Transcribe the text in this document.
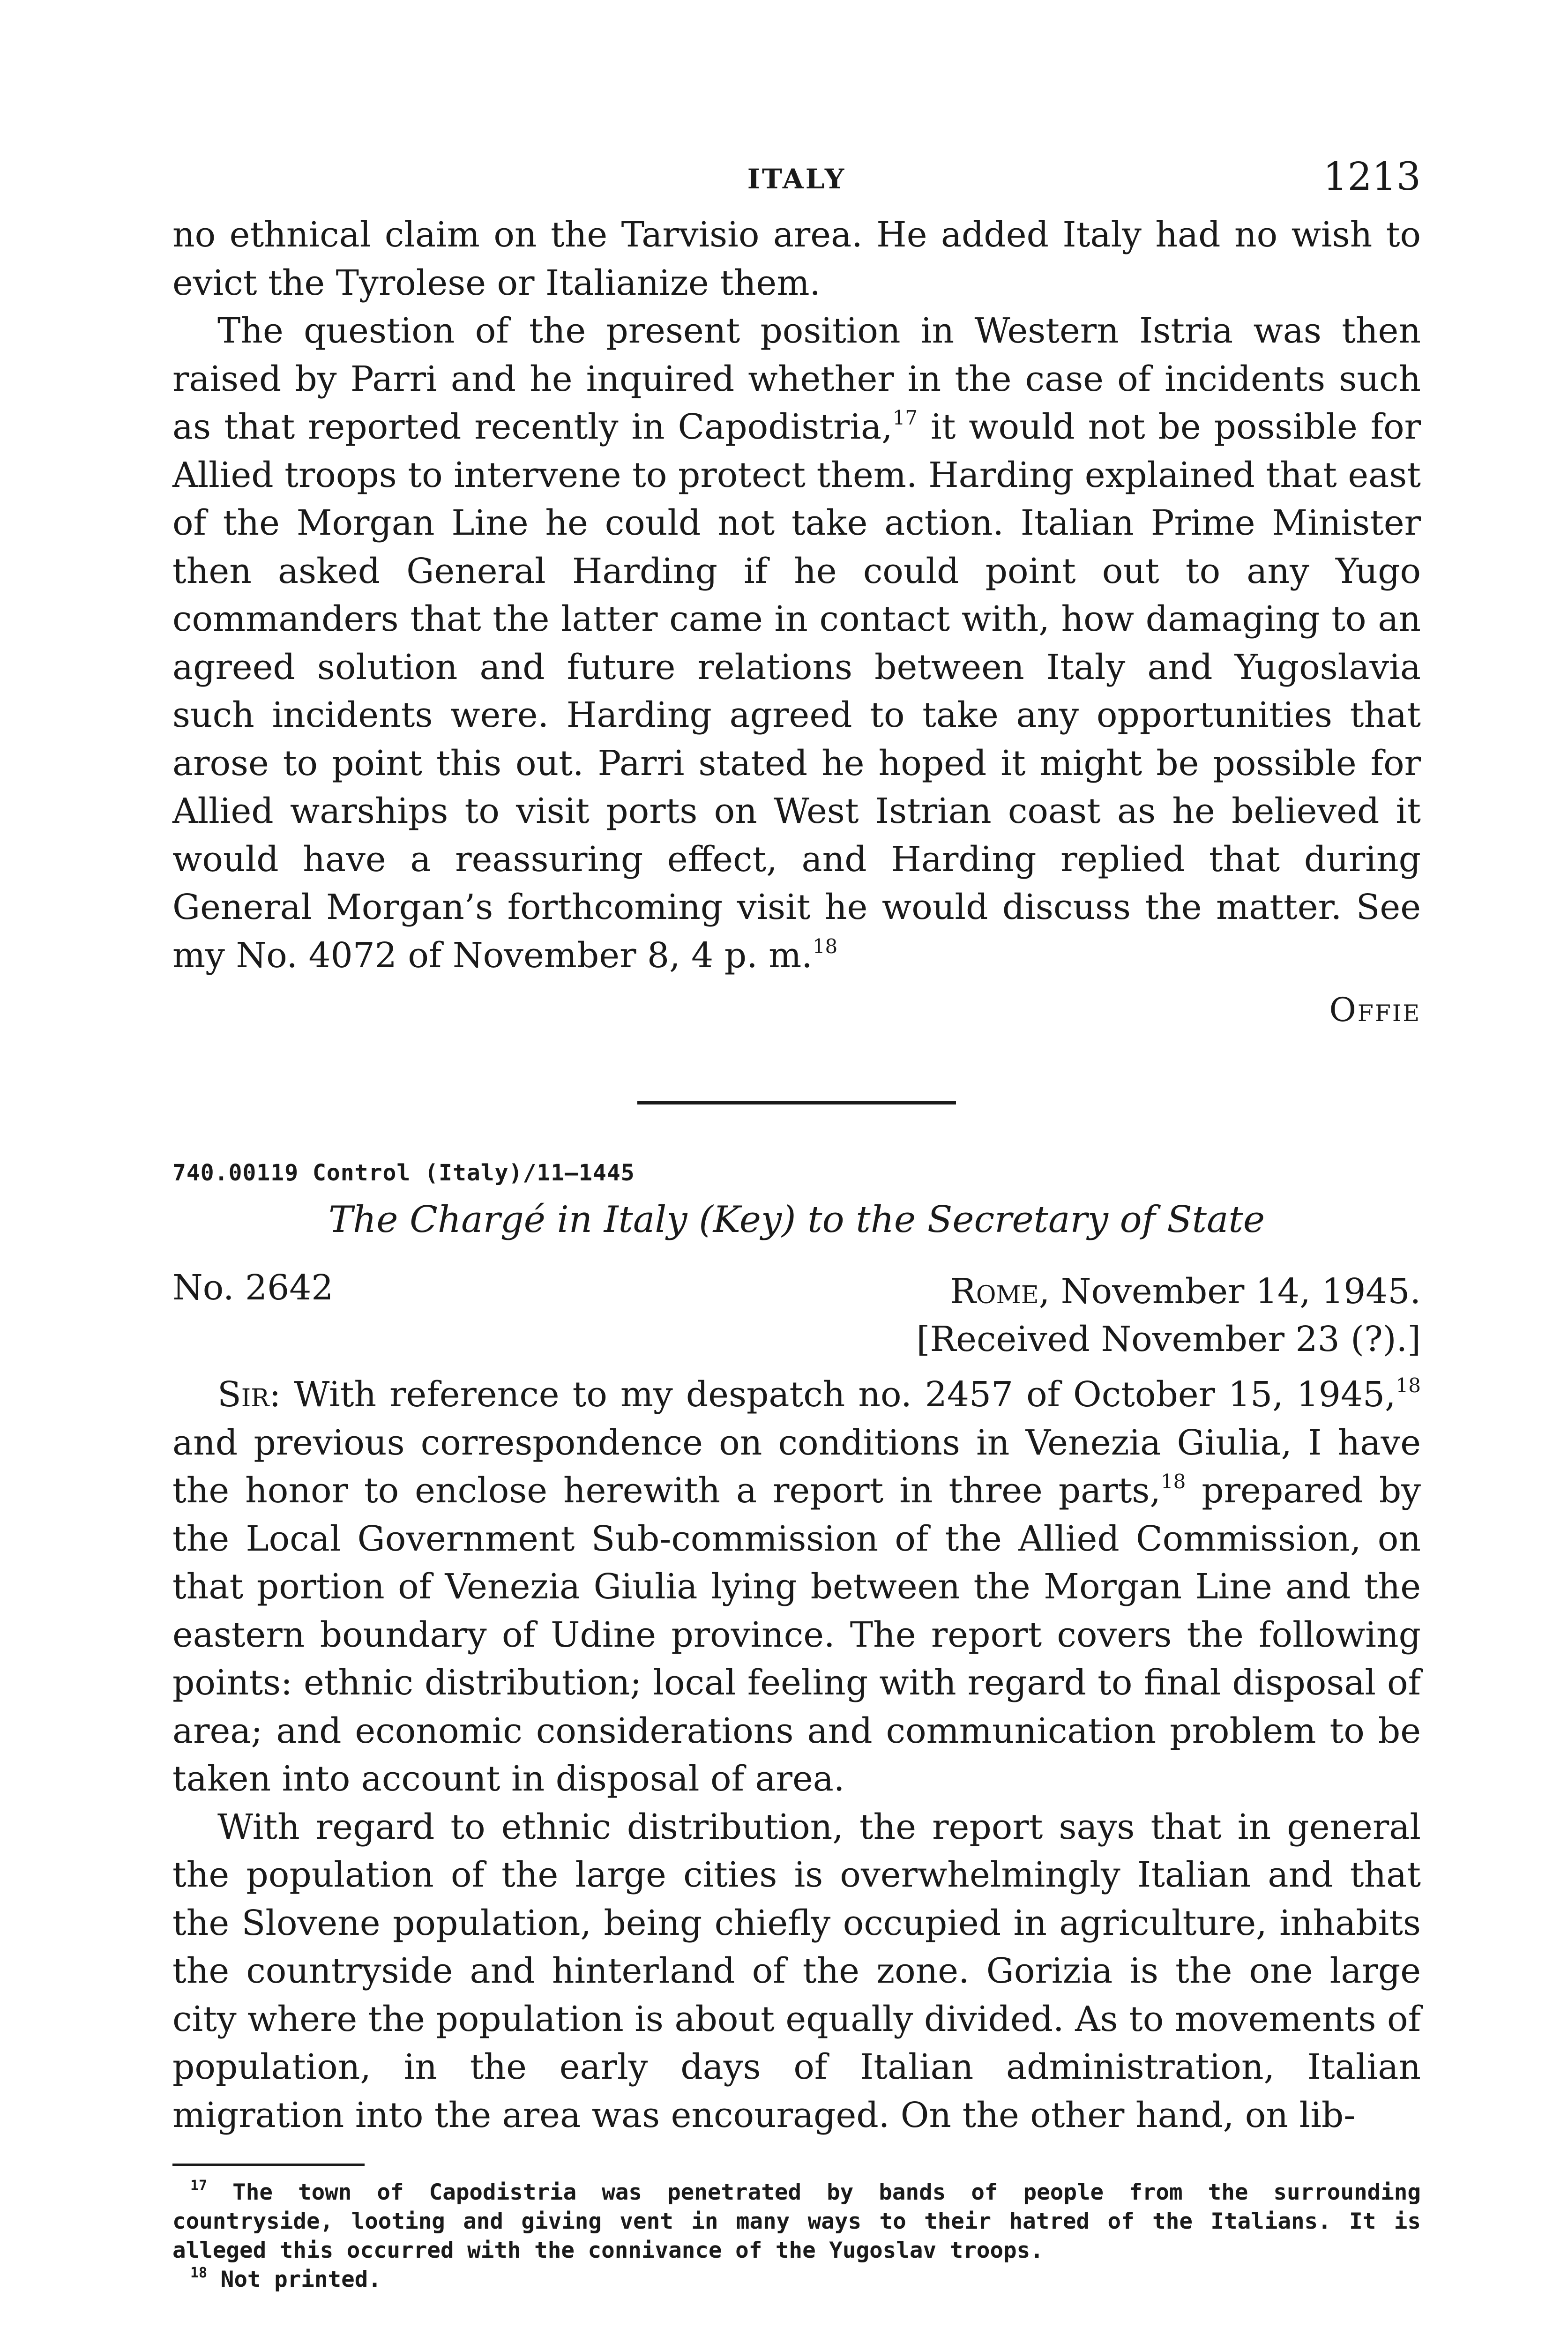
ITALY	1213

no ethnical claim on the Tarvisio area. He added Italy had no wish to evict the Tyrolese or Italianize them.

The question of the present position in Western Istria was then raised by Parri and he inquired whether in the case of incidents such as that reported recently in Capodistria,$^{17}$ it would not be possible for Allied troops to intervene to protect them. Harding explained that east of the Morgan Line he could not take action. Italian Prime Minister then asked General Harding if he could point out to any Yugo commanders that the latter came in contact with, how damaging to an agreed solution and future relations between Italy and Yugoslavia such incidents were. Harding agreed to take any opportunities that arose to point this out. Parri stated he hoped it might be possible for Allied warships to visit ports on West Istrian coast as he believed it would have a reassuring effect, and Harding replied that during General Morgan’s forthcoming visit he would discuss the matter. See my No. 4072 of November 8, 4 p. m.$^{18}$

Offie
740.00119 Control (Italy)/11–1445
The Chargé in Italy (Key) to the Secretary of State
No. 2642	Rome, November 14, 1945.
[Received November 23 (?).]

Sir: With reference to my despatch no. 2457 of October 15, 1945,18 and previous correspondence on conditions in Venezia Giulia, I have the honor to enclose herewith a report in three parts,$^{18}$ prepared by the Local Government Sub-commission of the Allied Commission, on that portion of Venezia Giulia lying between the Morgan Line and the eastern boundary of Udine province. The report covers the following points: ethnic distribution; local feeling with regard to final disposal of area; and economic considerations and communication problem to be taken into account in disposal of area.

With regard to ethnic distribution, the report says that in general the population of the large cities is overwhelmingly Italian and that the Slovene population, being chiefly occupied in agriculture, inhabits the countryside and hinterland of the zone. Gorizia is the one large city where the population is about equally divided. As to movements of population, in the early days of Italian administration, Italian migration into the area was encouraged. On the other hand, on lib-

$^{17}$ The town of Capodistria was penetrated by bands of people from the surrounding countryside, looting and giving vent in many ways to their hatred of the Italians. It is alleged this occurred with the connivance of the Yugoslav troops.

$^{18}$ Not printed.
